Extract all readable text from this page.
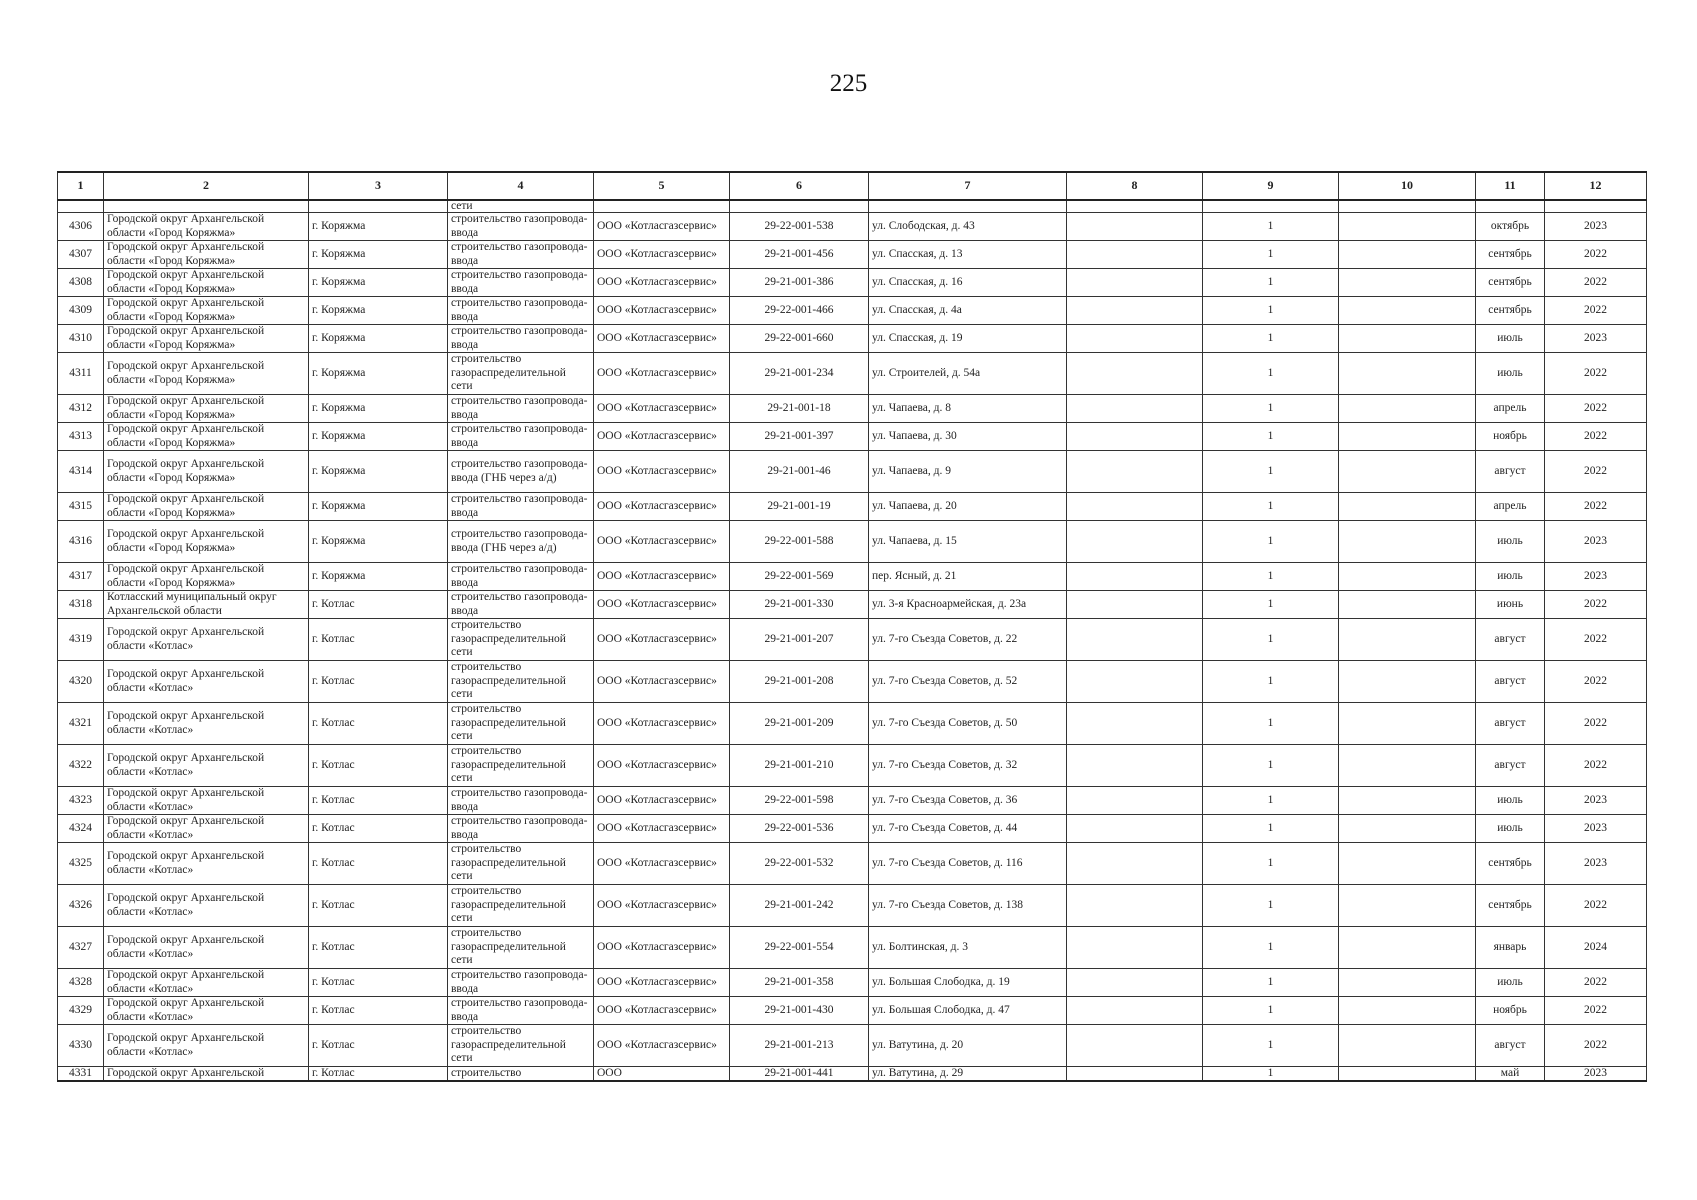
225
1	2	3	4	5	6	7	8	9	10	11	12
			сети								
4306	Городской округ Архангельской области «Город Коряжма»	г. Коряжма	строительство газопровода-ввода	ООО «Котласгазсервис»	29-22-001-538	ул. Слободская, д. 43		1		октябрь	2023
4307	Городской округ Архангельской области «Город Коряжма»	г. Коряжма	строительство газопровода-ввода	ООО «Котласгазсервис»	29-21-001-456	ул. Спасская, д. 13		1		сентябрь	2022
4308	Городской округ Архангельской области «Город Коряжма»	г. Коряжма	строительство газопровода-ввода	ООО «Котласгазсервис»	29-21-001-386	ул. Спасская, д. 16		1		сентябрь	2022
4309	Городской округ Архангельской области «Город Коряжма»	г. Коряжма	строительство газопровода-ввода	ООО «Котласгазсервис»	29-22-001-466	ул. Спасская, д. 4а		1		сентябрь	2022
4310	Городской округ Архангельской области «Город Коряжма»	г. Коряжма	строительство газопровода-ввода	ООО «Котласгазсервис»	29-22-001-660	ул. Спасская, д. 19		1		июль	2023
4311	Городской округ Архангельской области «Город Коряжма»	г. Коряжма	строительство газораспределительной сети	ООО «Котласгазсервис»	29-21-001-234	ул. Строителей, д. 54а		1		июль	2022
4312	Городской округ Архангельской области «Город Коряжма»	г. Коряжма	строительство газопровода-ввода	ООО «Котласгазсервис»	29-21-001-18	ул. Чапаева, д. 8		1		апрель	2022
4313	Городской округ Архангельской области «Город Коряжма»	г. Коряжма	строительство газопровода-ввода	ООО «Котласгазсервис»	29-21-001-397	ул. Чапаева, д. 30		1		ноябрь	2022
4314	Городской округ Архангельской области «Город Коряжма»	г. Коряжма	строительство газопровода-ввода (ГНБ через а/д)	ООО «Котласгазсервис»	29-21-001-46	ул. Чапаева, д. 9		1		август	2022
4315	Городской округ Архангельской области «Город Коряжма»	г. Коряжма	строительство газопровода-ввода	ООО «Котласгазсервис»	29-21-001-19	ул. Чапаева, д. 20		1		апрель	2022
4316	Городской округ Архангельской области «Город Коряжма»	г. Коряжма	строительство газопровода-ввода (ГНБ через а/д)	ООО «Котласгазсервис»	29-22-001-588	ул. Чапаева, д. 15		1		июль	2023
4317	Городской округ Архангельской области «Город Коряжма»	г. Коряжма	строительство газопровода-ввода	ООО «Котласгазсервис»	29-22-001-569	пер. Ясный, д. 21		1		июль	2023
4318	Котласский муниципальный округ Архангельской области	г. Котлас	строительство газопровода-ввода	ООО «Котласгазсервис»	29-21-001-330	ул. 3-я Красноармейская, д. 23а		1		июнь	2022
4319	Городской округ Архангельской области «Котлас»	г. Котлас	строительство газораспределительной сети	ООО «Котласгазсервис»	29-21-001-207	ул. 7-го Съезда Советов, д. 22		1		август	2022
4320	Городской округ Архангельской области «Котлас»	г. Котлас	строительство газораспределительной сети	ООО «Котласгазсервис»	29-21-001-208	ул. 7-го Съезда Советов, д. 52		1		август	2022
4321	Городской округ Архангельской области «Котлас»	г. Котлас	строительство газораспределительной сети	ООО «Котласгазсервис»	29-21-001-209	ул. 7-го Съезда Советов, д. 50		1		август	2022
4322	Городской округ Архангельской области «Котлас»	г. Котлас	строительство газораспределительной сети	ООО «Котласгазсервис»	29-21-001-210	ул. 7-го Съезда Советов, д. 32		1		август	2022
4323	Городской округ Архангельской области «Котлас»	г. Котлас	строительство газопровода-ввода	ООО «Котласгазсервис»	29-22-001-598	ул. 7-го Съезда Советов, д. 36		1		июль	2023
4324	Городской округ Архангельской области «Котлас»	г. Котлас	строительство газопровода-ввода	ООО «Котласгазсервис»	29-22-001-536	ул. 7-го Съезда Советов, д. 44		1		июль	2023
4325	Городской округ Архангельской области «Котлас»	г. Котлас	строительство газораспределительной сети	ООО «Котласгазсервис»	29-22-001-532	ул. 7-го Съезда Советов, д. 116		1		сентябрь	2023
4326	Городской округ Архангельской области «Котлас»	г. Котлас	строительство газораспределительной сети	ООО «Котласгазсервис»	29-21-001-242	ул. 7-го Съезда Советов, д. 138		1		сентябрь	2022
4327	Городской округ Архангельской области «Котлас»	г. Котлас	строительство газораспределительной сети	ООО «Котласгазсервис»	29-22-001-554	ул. Болтинская, д. 3		1		январь	2024
4328	Городской округ Архангельской области «Котлас»	г. Котлас	строительство газопровода-ввода	ООО «Котласгазсервис»	29-21-001-358	ул. Большая Слободка, д. 19		1		июль	2022
4329	Городской округ Архангельской области «Котлас»	г. Котлас	строительство газопровода-ввода	ООО «Котласгазсервис»	29-21-001-430	ул. Большая Слободка, д. 47		1		ноябрь	2022
4330	Городской округ Архангельской области «Котлас»	г. Котлас	строительство газораспределительной сети	ООО «Котласгазсервис»	29-21-001-213	ул. Ватутина, д. 20		1		август	2022
4331	Городской округ Архангельской	г. Котлас	строительство	ООО	29-21-001-441	ул. Ватутина, д. 29		1		май	2023
